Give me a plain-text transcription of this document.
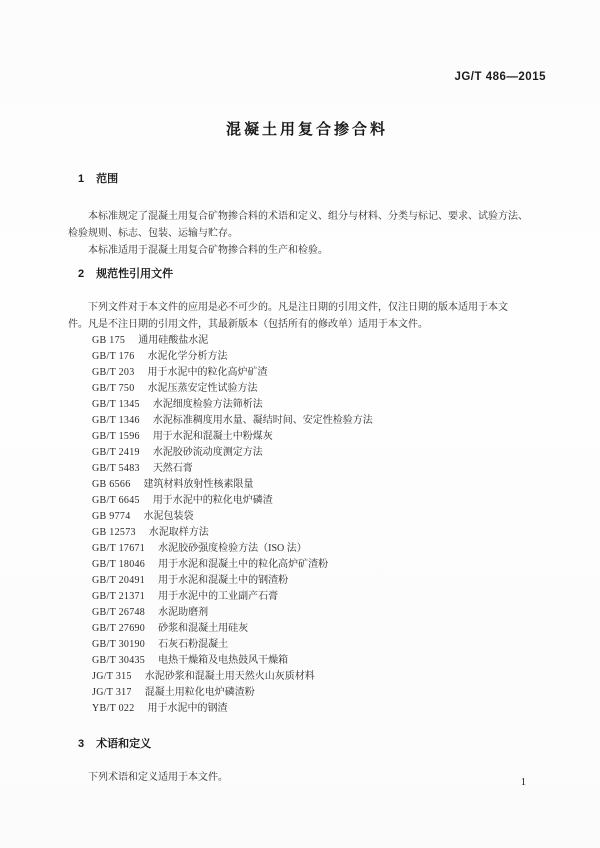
JG/T 486—2015
混凝土用复合掺合料
1 范围
　　本标准规定了混凝土用复合矿物掺合料的术语和定义、组分与材料、分类与标记、要求、试验方法、
检验规则、标志、包装、运输与贮存。
　　本标准适用于混凝土用复合矿物掺合料的生产和检验。
2 规范性引用文件
　　下列文件对于本文件的应用是必不可少的。凡是注日期的引用文件，仅注日期的版本适用于本文
件。凡是不注日期的引用文件，其最新版本（包括所有的修改单）适用于本文件。
GB 175 通用硅酸盐水泥
GB/T 176 水泥化学分析方法
GB/T 203 用于水泥中的粒化高炉矿渣
GB/T 750 水泥压蒸安定性试验方法
GB/T 1345 水泥细度检验方法筛析法
GB/T 1346 水泥标准稠度用水量、凝结时间、安定性检验方法
GB/T 1596 用于水泥和混凝土中粉煤灰
GB/T 2419 水泥胶砂流动度测定方法
GB/T 5483 天然石膏
GB 6566 建筑材料放射性核素限量
GB/T 6645 用于水泥中的粒化电炉磷渣
GB 9774 水泥包装袋
GB 12573 水泥取样方法
GB/T 17671 水泥胶砂强度检验方法（ISO 法）
GB/T 18046 用于水泥和混凝土中的粒化高炉矿渣粉
GB/T 20491 用于水泥和混凝土中的钢渣粉
GB/T 21371 用于水泥中的工业副产石膏
GB/T 26748 水泥助磨剂
GB/T 27690 砂浆和混凝土用硅灰
GB/T 30190 石灰石粉混凝土
GB/T 30435 电热干燥箱及电热鼓风干燥箱
JG/T 315 水泥砂浆和混凝土用天然火山灰质材料
JG/T 317 混凝土用粒化电炉磷渣粉
YB/T 022 用于水泥中的钢渣
3 术语和定义
　　下列术语和定义适用于本文件。	1
